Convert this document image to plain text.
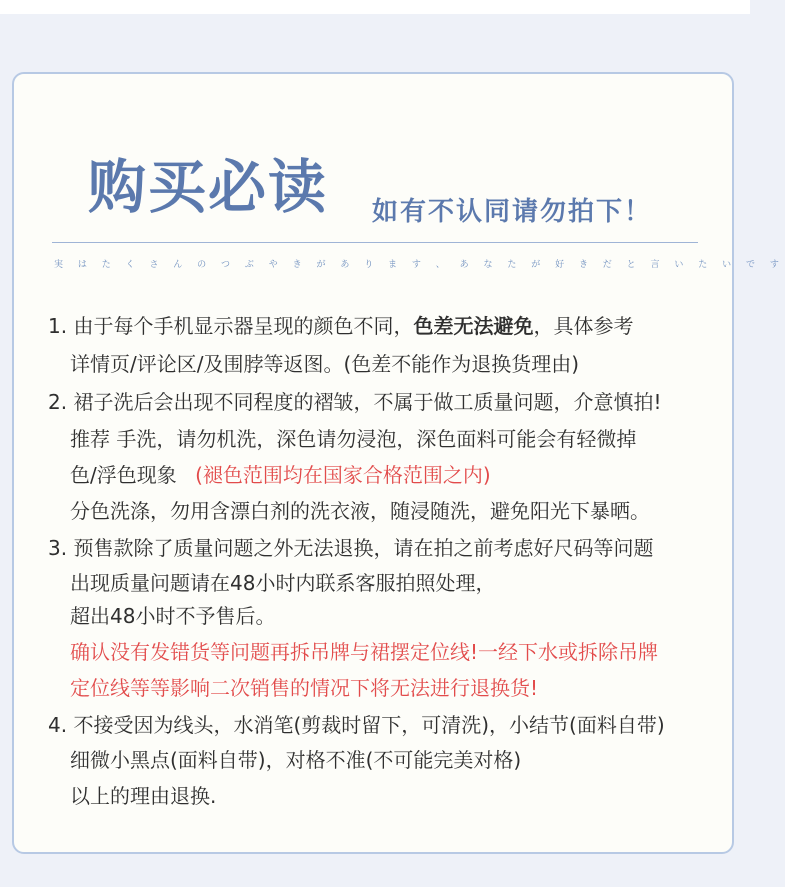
购买必读 如有不认同请勿拍下！
実 は た く さ ん の つ ぶ や き が あ り ま す 、 あ な た が 好 き だ と 言 い た い で す
1. 由于每个手机显示器呈现的颜色不同，色差无法避免，具体参考
详情页/评论区/及围脖等返图。(色差不能作为退换货理由)
2. 裙子洗后会出现不同程度的褶皱，不属于做工质量问题，介意慎拍!
推荐 手洗，请勿机洗，深色请勿浸泡，深色面料可能会有轻微掉
色/浮色现象 (褪色范围均在国家合格范围之内)
分色洗涤，勿用含漂白剂的洗衣液，随浸随洗，避免阳光下暴晒。
3. 预售款除了质量问题之外无法退换，请在拍之前考虑好尺码等问题
出现质量问题请在48小时内联系客服拍照处理，
超出48小时不予售后。
确认没有发错货等问题再拆吊牌与裙摆定位线!一经下水或拆除吊牌
定位线等等影响二次销售的情况下将无法进行退换货!
4. 不接受因为线头，水消笔(剪裁时留下，可清洗)，小结节(面料自带)
细微小黑点(面料自带)，对格不准(不可能完美对格)
以上的理由退换.
